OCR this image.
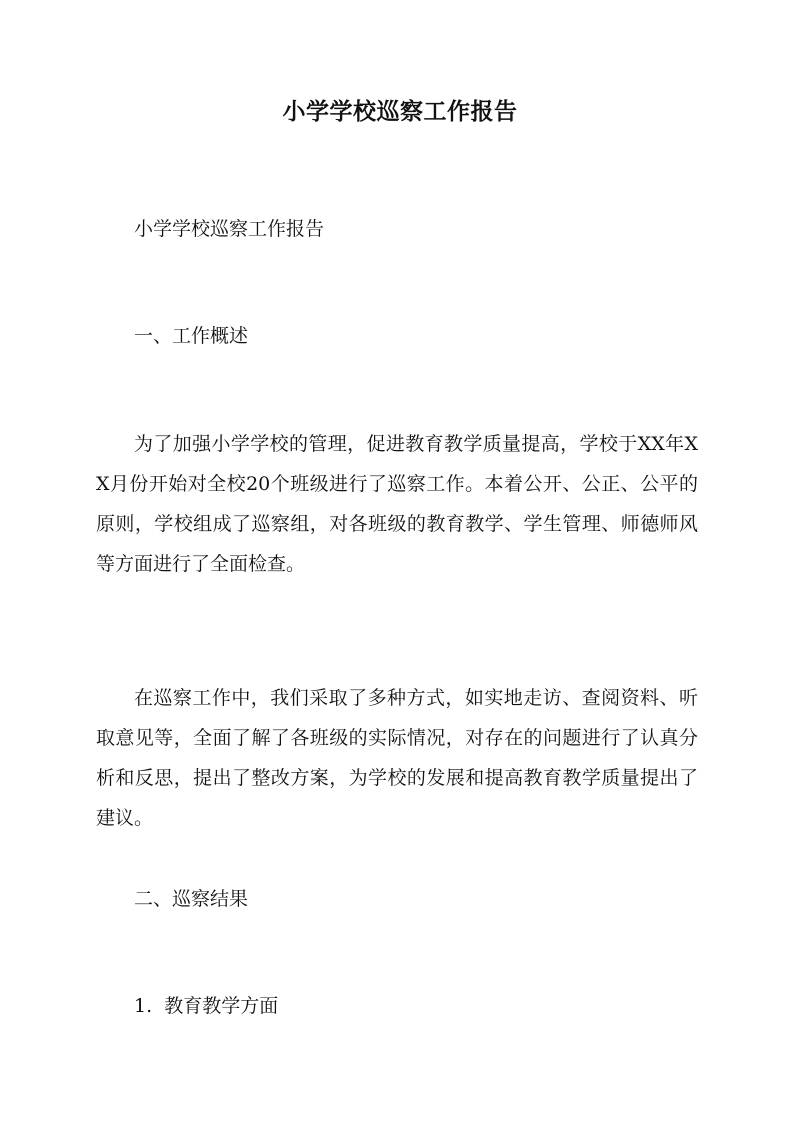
小学学校巡察工作报告
小学学校巡察工作报告
一、工作概述
为了加强小学学校的管理，促进教育教学质量提高，学校于XX年XX月份开始对全校20个班级进行了巡察工作。本着公开、公正、公平的原则，学校组成了巡察组，对各班级的教育教学、学生管理、师德师风等方面进行了全面检查。
在巡察工作中，我们采取了多种方式，如实地走访、查阅资料、听取意见等，全面了解了各班级的实际情况，对存在的问题进行了认真分析和反思，提出了整改方案，为学校的发展和提高教育教学质量提出了建议。
二、巡察结果
1.  教育教学方面
